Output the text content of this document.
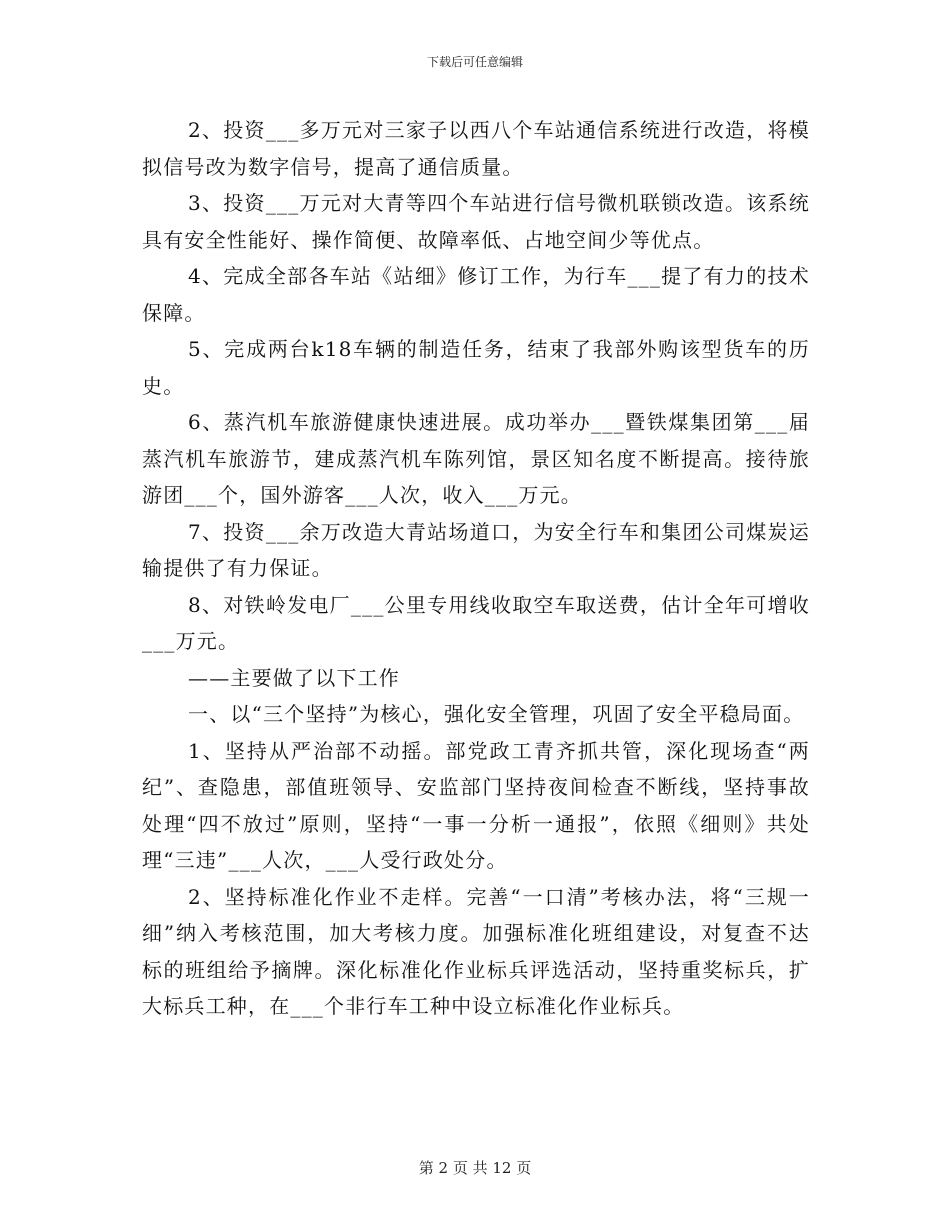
下载后可任意编辑

2、投资___多万元对三家子以西八个车站通信系统进行改造，将模拟信号改为数字信号，提高了通信质量。

3、投资___万元对大青等四个车站进行信号微机联锁改造。该系统具有安全性能好、操作简便、故障率低、占地空间少等优点。

4、完成全部各车站《站细》修订工作，为行车___提了有力的技术保障。

5、完成两台k18车辆的制造任务，结束了我部外购该型货车的历史。

6、蒸汽机车旅游健康快速进展。成功举办___暨铁煤集团第___届蒸汽机车旅游节，建成蒸汽机车陈列馆，景区知名度不断提高。接待旅游团___个，国外游客___人次，收入___万元。

7、投资___余万改造大青站场道口，为安全行车和集团公司煤炭运输提供了有力保证。

8、对铁岭发电厂___公里专用线收取空车取送费，估计全年可增收___万元。

——主要做了以下工作

一、以“三个坚持”为核心，强化安全管理，巩固了安全平稳局面。

1、坚持从严治部不动摇。部党政工青齐抓共管，深化现场查“两纪”、查隐患，部值班领导、安监部门坚持夜间检查不断线，坚持事故处理“四不放过”原则，坚持“一事一分析一通报”，依照《细则》共处理“三违”___人次，___人受行政处分。

2、坚持标准化作业不走样。完善“一口清”考核办法，将“三规一细”纳入考核范围，加大考核力度。加强标准化班组建设，对复查不达标的班组给予摘牌。深化标准化作业标兵评选活动，坚持重奖标兵，扩大标兵工种，在___个非行车工种中设立标准化作业标兵。

第 2 页 共 12 页
